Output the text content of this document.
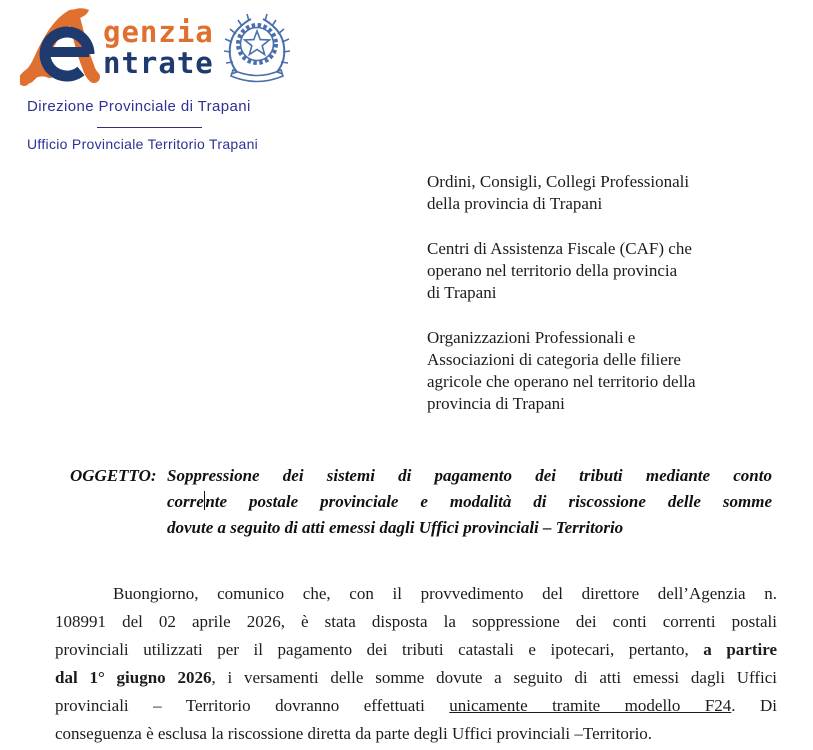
genzia
ntrate
Direzione Provinciale di Trapani
Ufficio Provinciale Territorio Trapani
Ordini, Consigli, Collegi Professionali
della provincia di Trapani
Centri di Assistenza Fiscale (CAF) che
operano nel territorio della provincia
di Trapani
Organizzazioni Professionali e
Associazioni di categoria delle filiere
agricole che operano nel territorio della
provincia di Trapani
OGGETTO: Soppressione dei sistemi di pagamento dei tributi mediante conto
corrente postale provinciale e modalità di riscossione delle somme
dovute a seguito di atti emessi dagli Uffici provinciali – Territorio
Buongiorno, comunico che, con il provvedimento del direttore dell’Agenzia n.
108991 del 02 aprile 2026, è stata disposta la soppressione dei conti correnti postali
provinciali utilizzati per il pagamento dei tributi catastali e ipotecari, pertanto, a partire
dal 1° giugno 2026, i versamenti delle somme dovute a seguito di atti emessi dagli Uffici
provinciali – Territorio dovranno effettuati unicamente tramite modello F24. Di
conseguenza è esclusa la riscossione diretta da parte degli Uffici provinciali –Territorio.
